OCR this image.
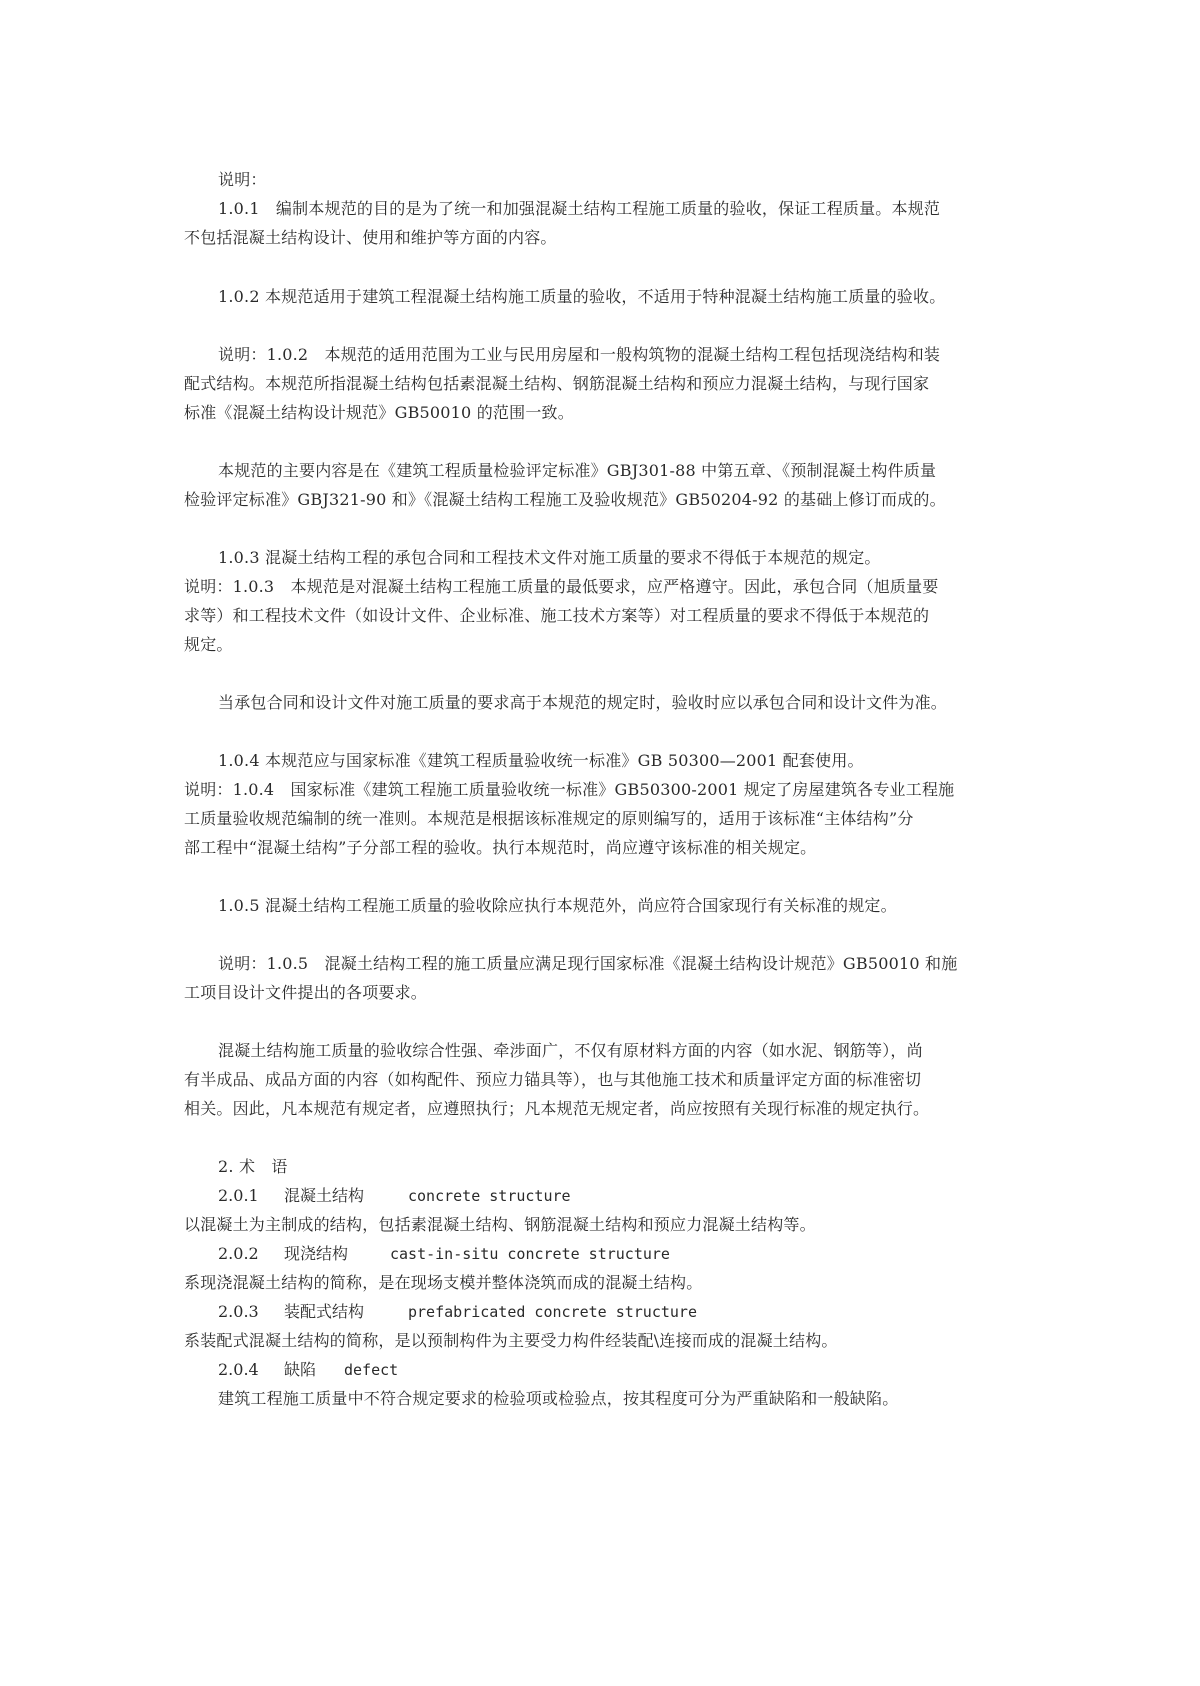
说明：

1.0.1　编制本规范的目的是为了统一和加强混凝土结构工程施工质量的验收，保证工程质量。本规范

不包括混凝土结构设计、使用和维护等方面的内容。

1.0.2 本规范适用于建筑工程混凝土结构施工质量的验收，不适用于特种混凝土结构施工质量的验收。

说明：1.0.2　本规范的适用范围为工业与民用房屋和一般构筑物的混凝土结构工程包括现浇结构和装

配式结构。本规范所指混凝土结构包括素混凝土结构、钢筋混凝土结构和预应力混凝土结构，与现行国家

标准《混凝土结构设计规范》GB50010 的范围一致。

本规范的主要内容是在《建筑工程质量检验评定标准》GBJ301-88 中第五章、《预制混凝土构件质量

检验评定标准》GBJ321-90 和》《混凝土结构工程施工及验收规范》GB50204-92 的基础上修订而成的。

1.0.3 混凝土结构工程的承包合同和工程技术文件对施工质量的要求不得低于本规范的规定。

说明：1.0.3　本规范是对混凝土结构工程施工质量的最低要求，应严格遵守。因此，承包合同（旭质量要

求等）和工程技术文件（如设计文件、企业标准、施工技术方案等）对工程质量的要求不得低于本规范的

规定。

当承包合同和设计文件对施工质量的要求高于本规范的规定时，验收时应以承包合同和设计文件为准。

1.0.4 本规范应与国家标准《建筑工程质量验收统一标准》GB 50300—2001 配套使用。

说明：1.0.4　国家标准《建筑工程施工质量验收统一标准》GB50300-2001 规定了房屋建筑各专业工程施

工质量验收规范编制的统一准则。本规范是根据该标准规定的原则编写的，适用于该标准“主体结构”分

部工程中“混凝土结构”子分部工程的验收。执行本规范时，尚应遵守该标准的相关规定。

1.0.5 混凝土结构工程施工质量的验收除应执行本规范外，尚应符合国家现行有关标准的规定。

说明：1.0.5　混凝土结构工程的施工质量应满足现行国家标准《混凝土结构设计规范》GB50010 和施

工项目设计文件提出的各项要求。

混凝土结构施工质量的验收综合性强、牵涉面广，不仅有原材料方面的内容（如水泥、钢筋等），尚

有半成品、成品方面的内容（如构配件、预应力锚具等），也与其他施工技术和质量评定方面的标准密切

相关。因此，凡本规范有规定者，应遵照执行；凡本规范无规定者，尚应按照有关现行标准的规定执行。

2. 术　语

2.0.1 混凝土结构	concrete structure

以混凝土为主制成的结构，包括素混凝土结构、钢筋混凝土结构和预应力混凝土结构等。

2.0.2 现浇结构	cast-in-situ concrete structure

系现浇混凝土结构的简称，是在现场支模并整体浇筑而成的混凝土结构。

2.0.3 装配式结构	prefabricated concrete structure

系装配式混凝土结构的简称，是以预制构件为主要受力构件经装配\连接而成的混凝土结构。

2.0.4 缺陷 defect

建筑工程施工质量中不符合规定要求的检验项或检验点，按其程度可分为严重缺陷和一般缺陷。
